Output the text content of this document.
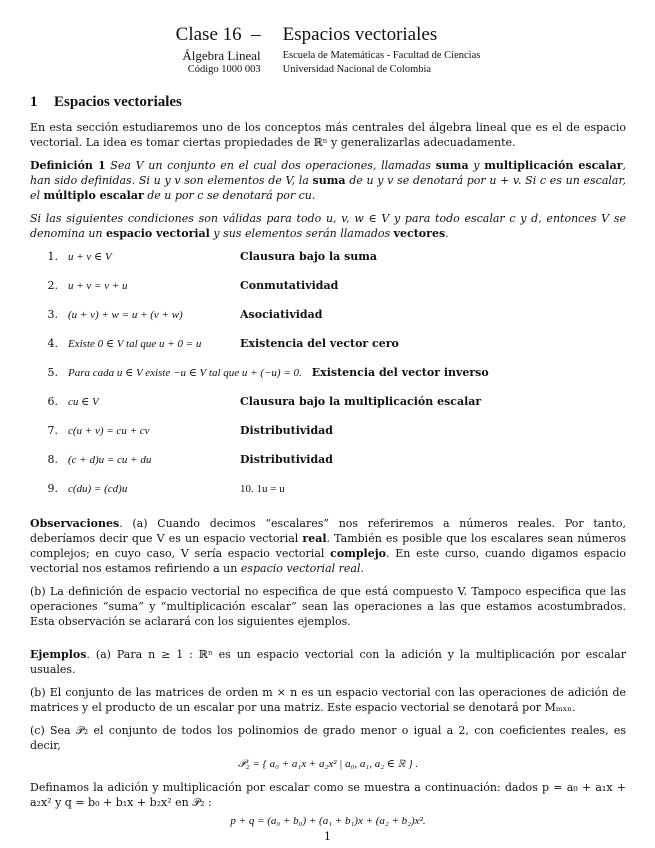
Clase 16  –
Álgebra Lineal
Código 1000 003
Espacios vectoriales
Escuela de Matemáticas - Facultad de Ciencias
Universidad Nacional de Colombia
1 Espacios vectoriales

En esta sección estudiaremos uno de los conceptos más centrales del álgebra lineal que es el de espacio vectorial. La idea es tomar ciertas propiedades de ℝⁿ y generalizarlas adecuadamente.

Definición 1 Sea V un conjunto en el cual dos operaciones, llamadas suma y multiplicación escalar, han sido definidas. Si u y v son elementos de V, la suma de u y v se denotará por u + v. Si c es un escalar, el múltiplo escalar de u por c se denotará por cu.

Si las siguientes condiciones son válidas para todo u, v, w ∈ V y para todo escalar c y d, entonces V se denomina un espacio vectorial y sus elementos serán llamados vectores.

1. u + v ∈ V	Clausura bajo la suma
2. u + v = v + u	Conmutatividad
3. (u + v) + w = u + (v + w)	Asociatividad
4. Existe 0 ∈ V tal que u + 0 = u	Existencia del vector cero
5. Para cada u ∈ V existe −u ∈ V tal que u + (−u) = 0. Existencia del vector inverso
6. cu ∈ V	Clausura bajo la multiplicación escalar
7. c(u + v) = cu + cv	Distributividad
8. (c + d)u = cu + du	Distributividad
9. c(du) = (cd)u	10. 1u = u

Observaciones. (a) Cuando decimos “escalares” nos referiremos a números reales. Por tanto, deberíamos decir que V es un espacio vectorial real. También es posible que los escalares sean números complejos; en cuyo caso, V sería espacio vectorial complejo. En este curso, cuando digamos espacio vectorial nos estamos refiriendo a un espacio vectorial real.

(b) La definición de espacio vectorial no especifica de que está compuesto V. Tampoco especifica que las operaciones “suma” y “multiplicación escalar” sean las operaciones a las que estamos acostumbrados. Esta observación se aclarará con los siguientes ejemplos.

Ejemplos. (a) Para n ≥ 1 : ℝⁿ es un espacio vectorial con la adición y la multiplicación por escalar usuales.

(b) El conjunto de las matrices de orden m × n es un espacio vectorial con las operaciones de adición de matrices y el producto de un escalar por una matriz. Este espacio vectorial se denotará por Mₘₓₙ.

(c) Sea 𝒫₂ el conjunto de todos los polinomios de grado menor o igual a 2, con coeficientes reales, es decir,

𝒫₂ = { a₀ + a₁x + a₂x² | a₀, a₁, a₂ ∈ ℝ } .

Definamos la adición y multiplicación por escalar como se muestra a continuación: dados p = a₀ + a₁x + a₂x² y q = b₀ + b₁x + b₂x² en 𝒫₂ :

p + q = (a₀ + b₀) + (a₁ + b₁)x + (a₂ + b₂)x².
1
